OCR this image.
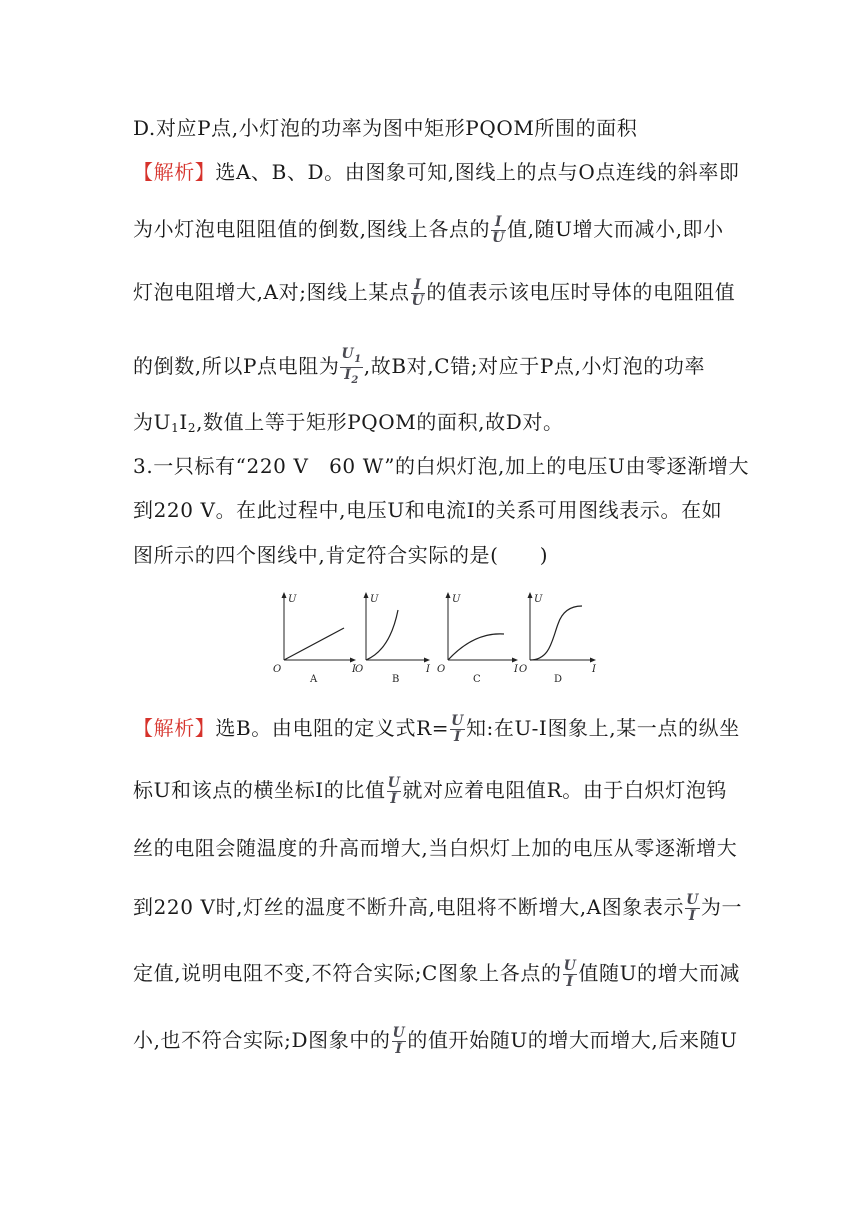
D.对应P点,小灯泡的功率为图中矩形PQOM所围的面积
【解析】选A、B、D。由图象可知,图线上的点与O点连线的斜率即
为小灯泡电阻阻值的倒数,图线上各点的 $\frac{I}{U}$ 值,随U增大而减小,即小
灯泡电阻增大,A对;图线上某点 $\frac{I}{U}$ 的值表示该电压时导体的电阻阻值
的倒数,所以P点电阻为 $\frac{U_1}{I_2}$ ,故B对,C错;对应于P点,小灯泡的功率
为$U_1I_2$,数值上等于矩形PQOM的面积,故D对。
3.一只标有“220 V　60 W”的白炽灯泡,加上的电压U由零逐渐增大
到220 V。在此过程中,电压U和电流I的关系可用图线表示。在如
图所示的四个图线中,肯定符合实际的是(　　)
U
I
O
A
U
I
O
B
U
I
O
C
U
I
O
D
【解析】选B。由电阻的定义式$R= \frac{U}{I}$ 知:在U-I图象上,某一点的纵坐
标U和该点的横坐标I的比值 $\frac{U}{I}$ 就对应着电阻值R。由于白炽灯泡钨
丝的电阻会随温度的升高而增大,当白炽灯上加的电压从零逐渐增大
到220 V时,灯丝的温度不断升高,电阻将不断增大,A图象表示 $\frac{U}{I}$ 为一
定值,说明电阻不变,不符合实际;C图象上各点的 $\frac{U}{I}$ 值随U的增大而减
小,也不符合实际;D图象中的 $\frac{U}{I}$ 的值开始随U的增大而增大,后来随U
